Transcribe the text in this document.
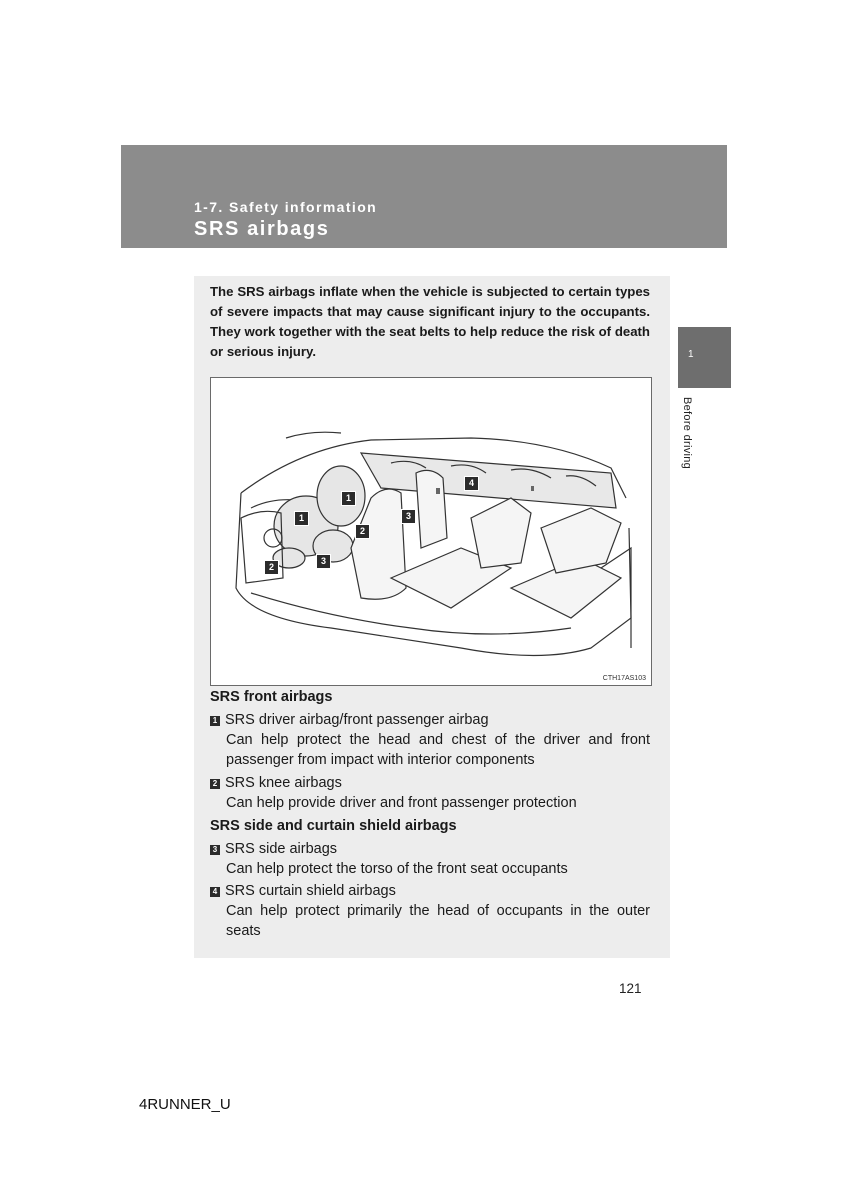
1-7. Safety information
SRS airbags
1
Before driving
The SRS airbags inflate when the vehicle is subjected to certain types of severe impacts that may cause significant injury to the occupants. They work together with the seat belts to help reduce the risk of death or serious injury.
1
1
2
2
3
3
4
CTH17AS103
SRS front airbags
1 SRS driver airbag/front passenger airbag
Can help protect the head and chest of the driver and front passenger from impact with interior components
2 SRS knee airbags
Can help provide driver and front passenger protection
SRS side and curtain shield airbags
3 SRS side airbags
Can help protect the torso of the front seat occupants
4 SRS curtain shield airbags
Can help protect primarily the head of occupants in the outer seats
121
4RUNNER_U
